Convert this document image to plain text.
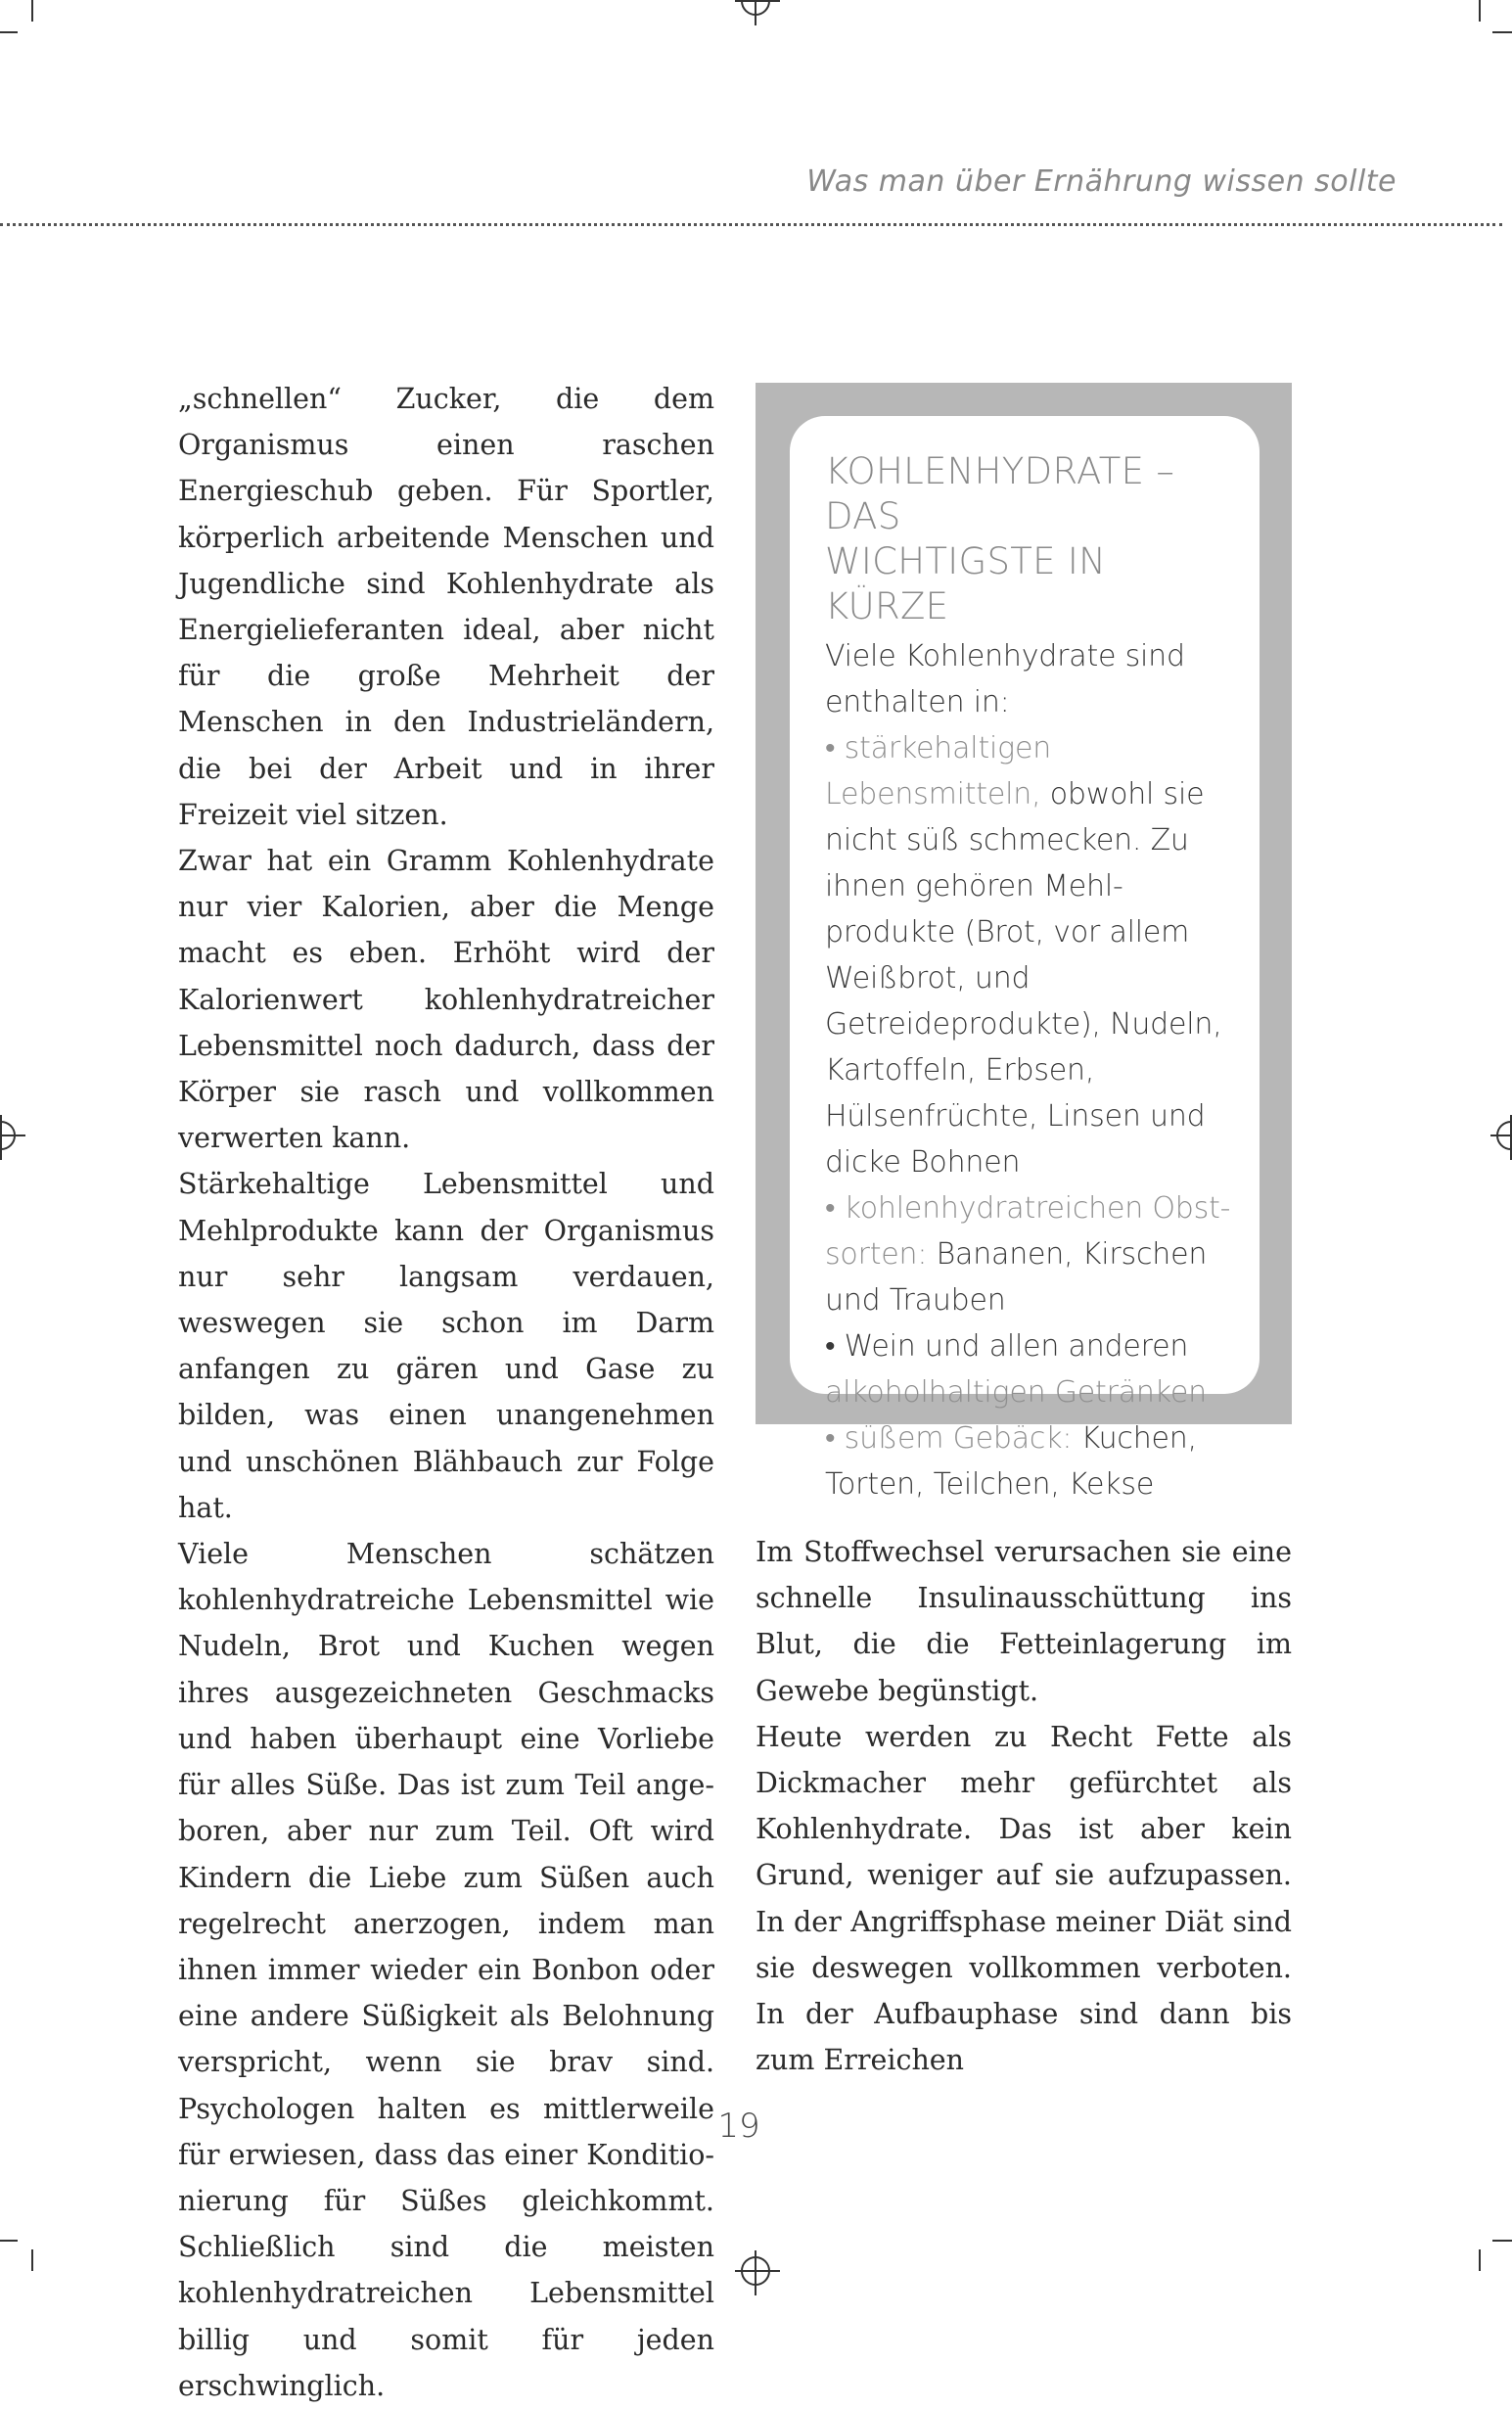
Was man über Ernährung wissen sollte

„schnellen“ Zucker, die dem Organismus einen raschen Energieschub geben. Für Sportler, körperlich arbeitende Menschen und Jugendliche sind Kohlenhydrate als Energielieferanten ideal, aber nicht für die große Mehrheit der Menschen in den Industrieländern, die bei der Arbeit und in ihrer Freizeit viel sitzen.

Zwar hat ein Gramm Kohlenhydrate nur vier Kalorien, aber die Menge macht es eben. Erhöht wird der Kalorienwert kohlenhydratreicher Lebensmittel noch dadurch, dass der Körper sie rasch und vollkommen verwerten kann.

Stärkehaltige Lebensmittel und Mehlprodukte kann der Organismus nur sehr langsam verdauen, weswegen sie schon im Darm anfangen zu gären und Gase zu bilden, was einen unangenehmen und unschönen Blähbauch zur Folge hat.

Viele Menschen schätzen kohlenhydratreiche Lebensmittel wie Nudeln, Brot und Kuchen wegen ihres ausgezeichneten Geschmacks und haben überhaupt eine Vorliebe für alles Süße. Das ist zum Teil angeboren, aber nur zum Teil. Oft wird Kindern die Liebe zum Süßen auch regelrecht anerzogen, indem man ihnen immer wieder ein Bonbon oder eine andere Süßigkeit als Belohnung verspricht, wenn sie brav sind. Psychologen halten es mittlerweile für erwiesen, dass das einer Konditionierung für Süßes gleichkommt. Schließlich sind die meisten kohlenhydratreichen Lebensmittel billig und somit für jeden erschwinglich.

KOHLENHYDRATE – DAS
WICHTIGSTE IN KÜRZE
Viele Kohlenhydrate sind enthalten in:
• stärkehaltigen Lebensmitteln, obwohl sie nicht süß schmecken. Zu ihnen gehören Mehlprodukte (Brot, vor allem Weißbrot, und Getreideprodukte), Nudeln, Kartoffeln, Erbsen, Hülsenfrüchte, Linsen und dicke Bohnen
• kohlenhydratreichen Obstsorten: Bananen, Kirschen und Trauben
• Wein und allen anderen alkoholhaltigen Getränken
• süßem Gebäck: Kuchen, Torten, Teilchen, Kekse

Im Stoffwechsel verursachen sie eine schnelle Insulinausschüttung ins Blut, die die Fetteinlagerung im Gewebe begünstigt.

Heute werden zu Recht Fette als Dickmacher mehr gefürchtet als Kohlenhydrate. Das ist aber kein Grund, weniger auf sie aufzupassen. In der Angriffsphase meiner Diät sind sie deswegen vollkommen verboten. In der Aufbauphase sind dann bis zum Erreichen

19
